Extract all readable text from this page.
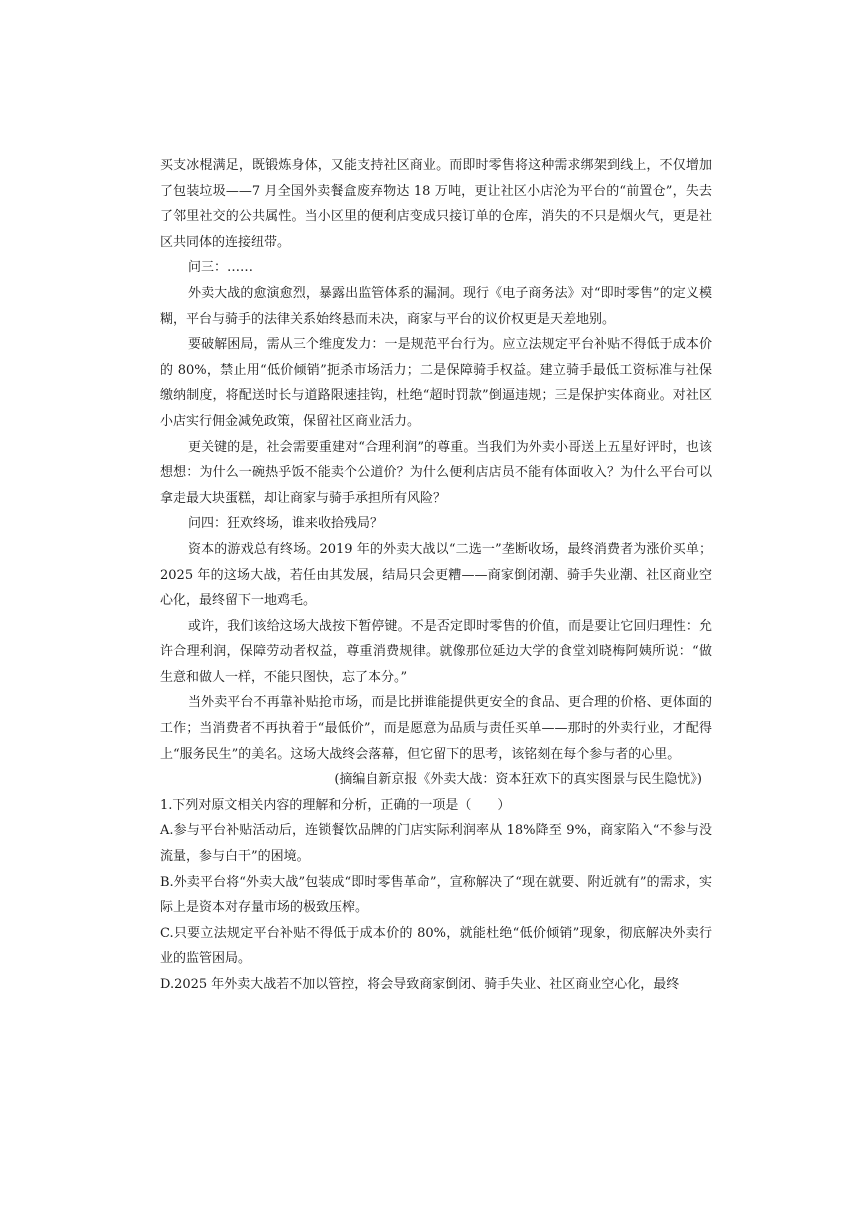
买支冰棍满足，既锻炼身体，又能支持社区商业。而即时零售将这种需求绑架到线上，不仅增加了包装垃圾——7 月全国外卖餐盒废弃物达 18 万吨，更让社区小店沦为平台的“前置仓”，失去了邻里社交的公共属性。当小区里的便利店变成只接订单的仓库，消失的不只是烟火气，更是社区共同体的连接纽带。

问三：……

外卖大战的愈演愈烈，暴露出监管体系的漏洞。现行《电子商务法》对“即时零售”的定义模糊，平台与骑手的法律关系始终悬而未决，商家与平台的议价权更是天差地别。

要破解困局，需从三个维度发力：一是规范平台行为。应立法规定平台补贴不得低于成本价的 80%，禁止用“低价倾销”扼杀市场活力；二是保障骑手权益。建立骑手最低工资标准与社保缴纳制度，将配送时长与道路限速挂钩，杜绝“超时罚款”倒逼违规；三是保护实体商业。对社区小店实行佣金减免政策，保留社区商业活力。

更关键的是，社会需要重建对“合理利润”的尊重。当我们为外卖小哥送上五星好评时，也该想想：为什么一碗热乎饭不能卖个公道价？为什么便利店店员不能有体面收入？为什么平台可以拿走最大块蛋糕，却让商家与骑手承担所有风险？

问四：狂欢终场，谁来收拾残局？

资本的游戏总有终场。2019 年的外卖大战以“二选一”垄断收场，最终消费者为涨价买单；2025 年的这场大战，若任由其发展，结局只会更糟——商家倒闭潮、骑手失业潮、社区商业空心化，最终留下一地鸡毛。

或许，我们该给这场大战按下暂停键。不是否定即时零售的价值，而是要让它回归理性：允许合理利润，保障劳动者权益，尊重消费规律。就像那位延边大学的食堂刘晓梅阿姨所说：“做生意和做人一样，不能只图快，忘了本分。”

当外卖平台不再靠补贴抢市场，而是比拼谁能提供更安全的食品、更合理的价格、更体面的工作；当消费者不再执着于“最低价”，而是愿意为品质与责任买单——那时的外卖行业，才配得上“服务民生”的美名。这场大战终会落幕，但它留下的思考，该铭刻在每个参与者的心里。

(摘编自新京报《外卖大战：资本狂欢下的真实图景与民生隐忧》)

1.下列对原文相关内容的理解和分析，正确的一项是（　　）

A.参与平台补贴活动后，连锁餐饮品牌的门店实际利润率从 18%降至 9%，商家陷入“不参与没流量，参与白干”的困境。

B.外卖平台将“外卖大战”包装成“即时零售革命”，宣称解决了“现在就要、附近就有”的需求，实际上是资本对存量市场的极致压榨。

C.只要立法规定平台补贴不得低于成本价的 80%，就能杜绝“低价倾销”现象，彻底解决外卖行业的监管困局。

D.2025 年外卖大战若不加以管控，将会导致商家倒闭、骑手失业、社区商业空心化，最终
